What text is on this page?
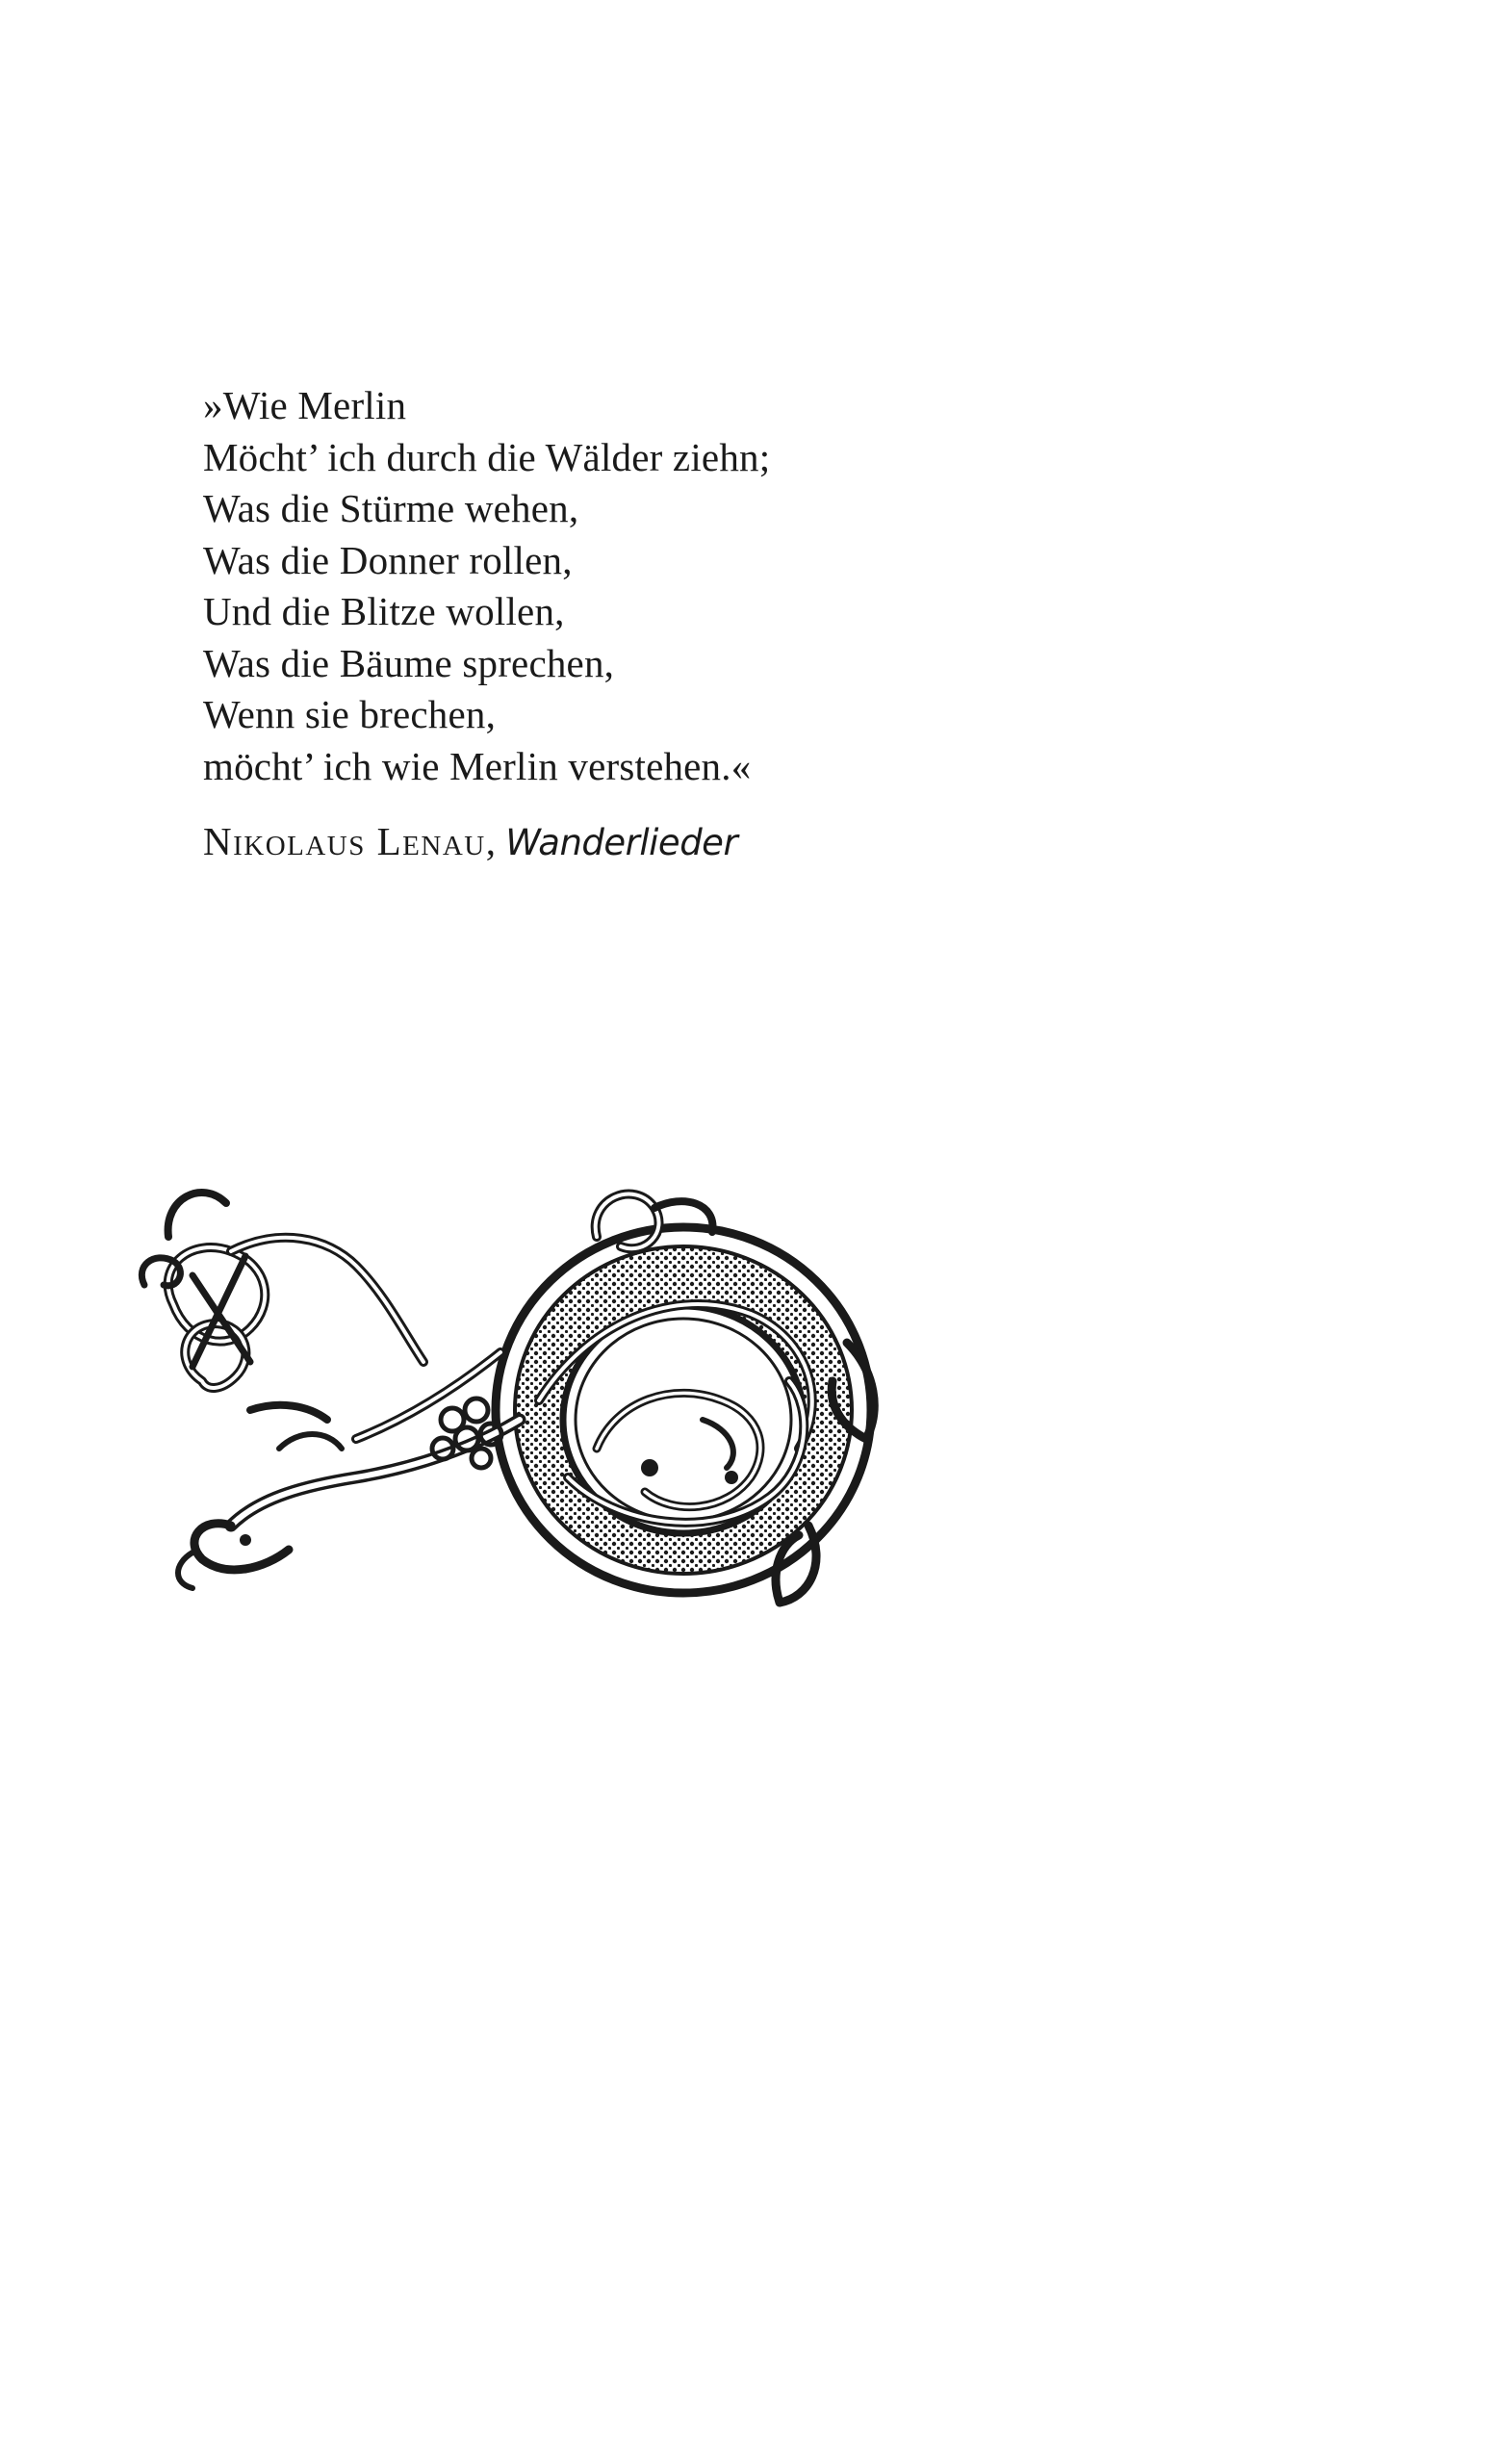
»Wie Merlin
Möcht’ ich durch die Wälder ziehn;
Was die Stürme wehen,
Was die Donner rollen,
Und die Blitze wollen,
Was die Bäume sprechen,
Wenn sie brechen,
möcht’ ich wie Merlin verstehen.«
Nikolaus Lenau, Wanderlieder
